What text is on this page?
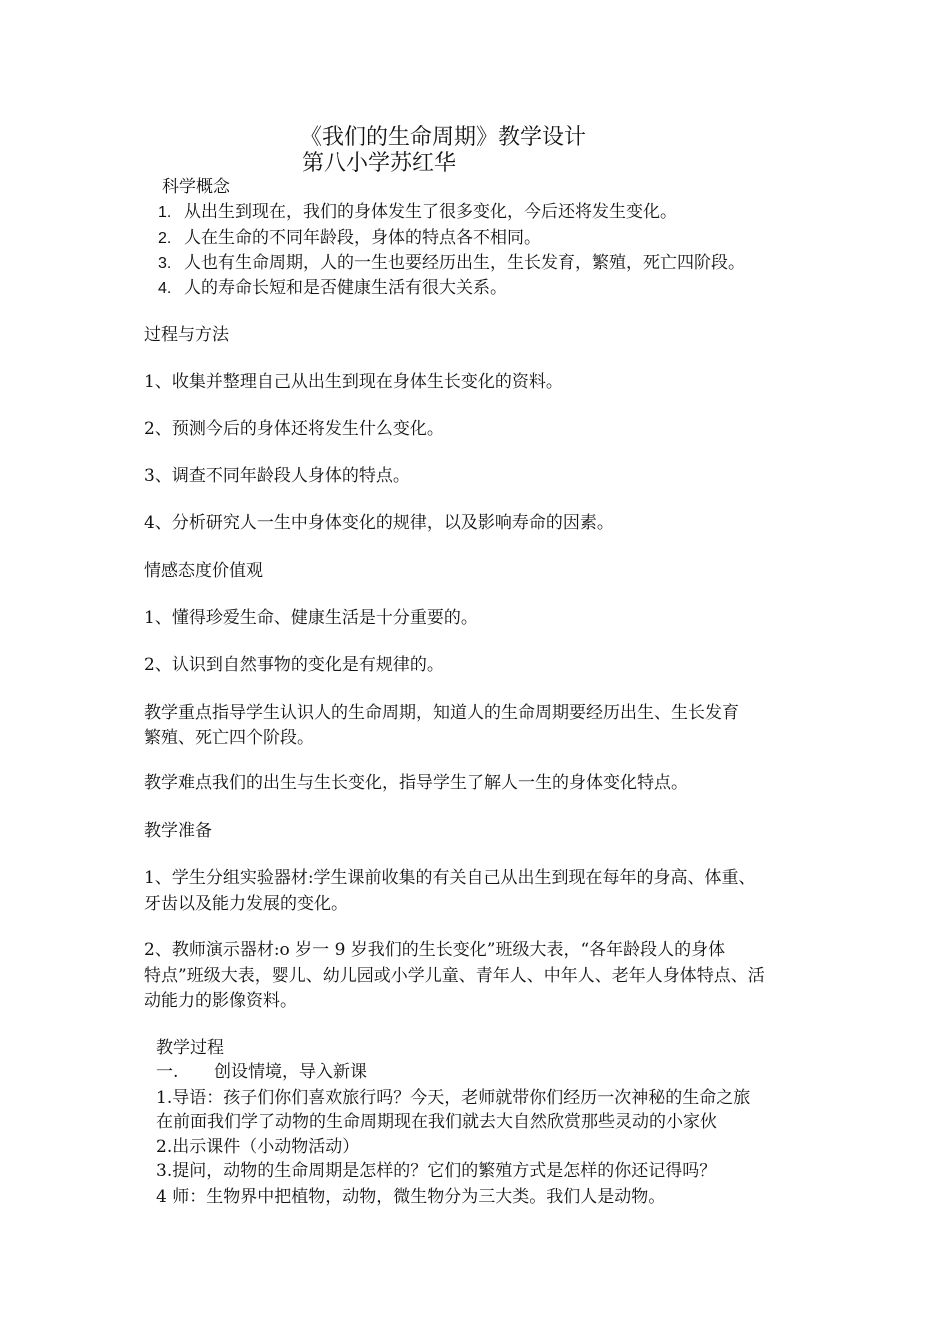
《我们的生命周期》教学设计
第八小学苏红华
科学概念
1. 从出生到现在，我们的身体发生了很多变化，今后还将发生变化。
2. 人在生命的不同年龄段，身体的特点各不相同。
3. 人也有生命周期，人的一生也要经历出生，生长发育，繁殖，死亡四阶段。
4. 人的寿命长短和是否健康生活有很大关系。
过程与方法
1、收集并整理自己从出生到现在身体生长变化的资料。
2、预测今后的身体还将发生什么变化。
3、调查不同年龄段人身体的特点。
4、分析研究人一生中身体变化的规律，以及影响寿命的因素。
情感态度价值观
1、懂得珍爱生命、健康生活是十分重要的。
2、认识到自然事物的变化是有规律的。
教学重点指导学生认识人的生命周期，知道人的生命周期要经历出生、生长发育
繁殖、死亡四个阶段。
教学难点我们的出生与生长变化，指导学生了解人一生的身体变化特点。
教学准备
1、学生分组实验器材:学生课前收集的有关自己从出生到现在每年的身高、体重、
牙齿以及能力发展的变化。
2、教师演示器材:o 岁一 9 岁我们的生长变化”班级大表，“各年龄段人的身体
特点”班级大表，婴儿、幼儿园或小学儿童、青年人、中年人、老年人身体特点、活
动能力的影像资料。
教学过程
一. 创设情境，导入新课
1.导语：孩子们你们喜欢旅行吗？今天，老师就带你们经历一次神秘的生命之旅
在前面我们学了动物的生命周期现在我们就去大自然欣赏那些灵动的小家伙
2.出示课件（小动物活动）
3.提问，动物的生命周期是怎样的？它们的繁殖方式是怎样的你还记得吗？
4 师：生物界中把植物，动物，微生物分为三大类。我们人是动物。
